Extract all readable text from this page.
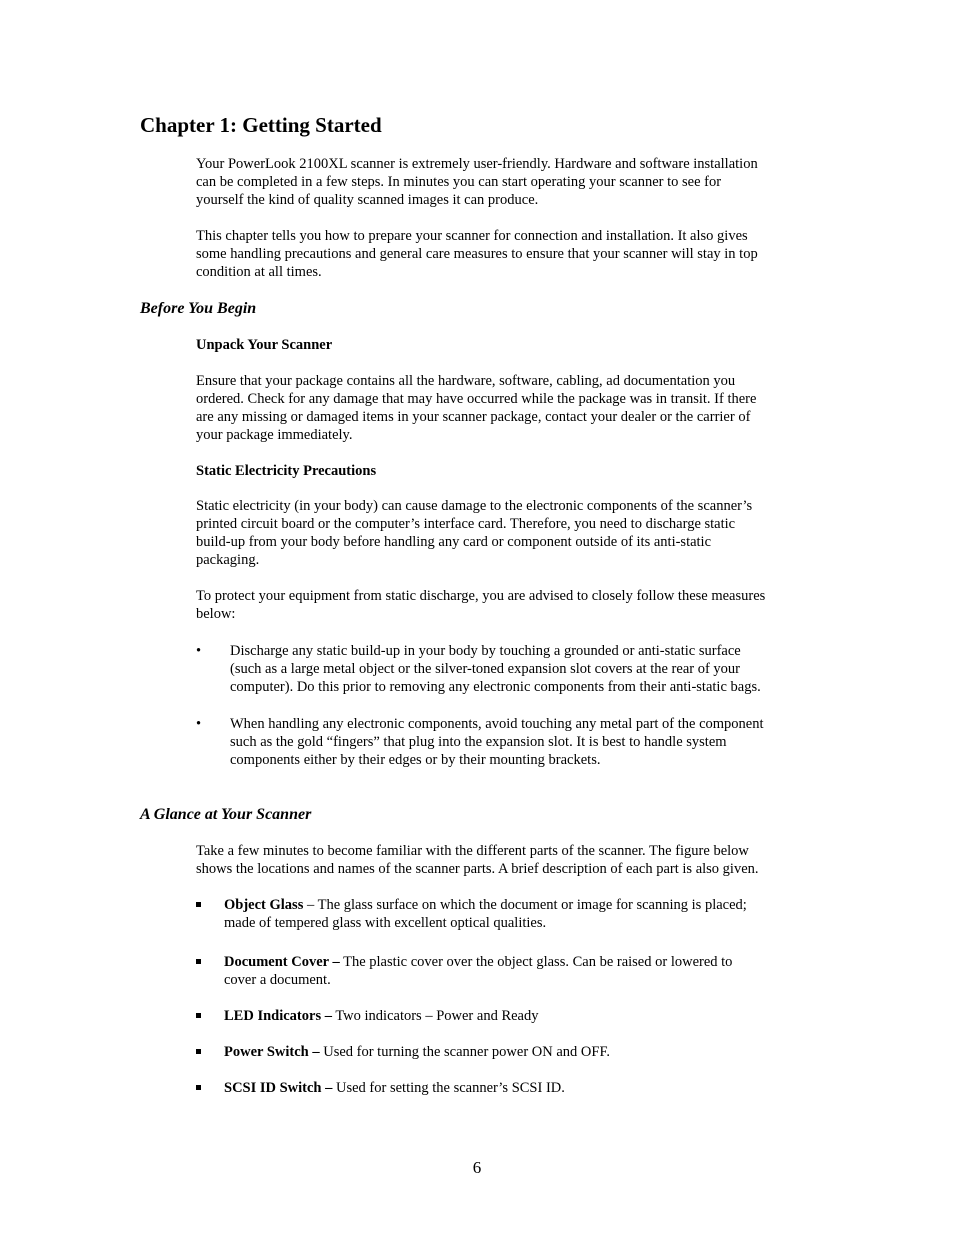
Chapter 1: Getting Started

Your PowerLook 2100XL scanner is extremely user-friendly. Hardware and software installation
can be completed in a few steps. In minutes you can start operating your scanner to see for
yourself the kind of quality scanned images it can produce.

This chapter tells you how to prepare your scanner for connection and installation. It also gives
some handling precautions and general care measures to ensure that your scanner will stay in top
condition at all times.

Before You Begin
Unpack Your Scanner

Ensure that your package contains all the hardware, software, cabling, ad documentation you
ordered. Check for any damage that may have occurred while the package was in transit. If there
are any missing or damaged items in your scanner package, contact your dealer or the carrier of
your package immediately.

Static Electricity Precautions

Static electricity (in your body) can cause damage to the electronic components of the scanner’s
printed circuit board or the computer’s interface card. Therefore, you need to discharge static
build-up from your body before handling any card or component outside of its anti-static
packaging.

To protect your equipment from static discharge, you are advised to closely follow these measures
below:

•	Discharge any static build-up in your body by touching a grounded or anti-static surface
(such as a large metal object or the silver-toned expansion slot covers at the rear of your
computer). Do this prior to removing any electronic components from their anti-static bags.
•	When handling any electronic components, avoid touching any metal part of the component
such as the gold “fingers” that plug into the expansion slot. It is best to handle system
components either by their edges or by their mounting brackets.
A Glance at Your Scanner

Take a few minutes to become familiar with the different parts of the scanner. The figure below
shows the locations and names of the scanner parts. A brief description of each part is also given.

Object Glass – The glass surface on which the document or image for scanning is placed;
made of tempered glass with excellent optical qualities.
Document Cover – The plastic cover over the object glass. Can be raised or lowered to
cover a document.
LED Indicators – Two indicators – Power and Ready
Power Switch – Used for turning the scanner power ON and OFF.
SCSI ID Switch – Used for setting the scanner’s SCSI ID.
6
